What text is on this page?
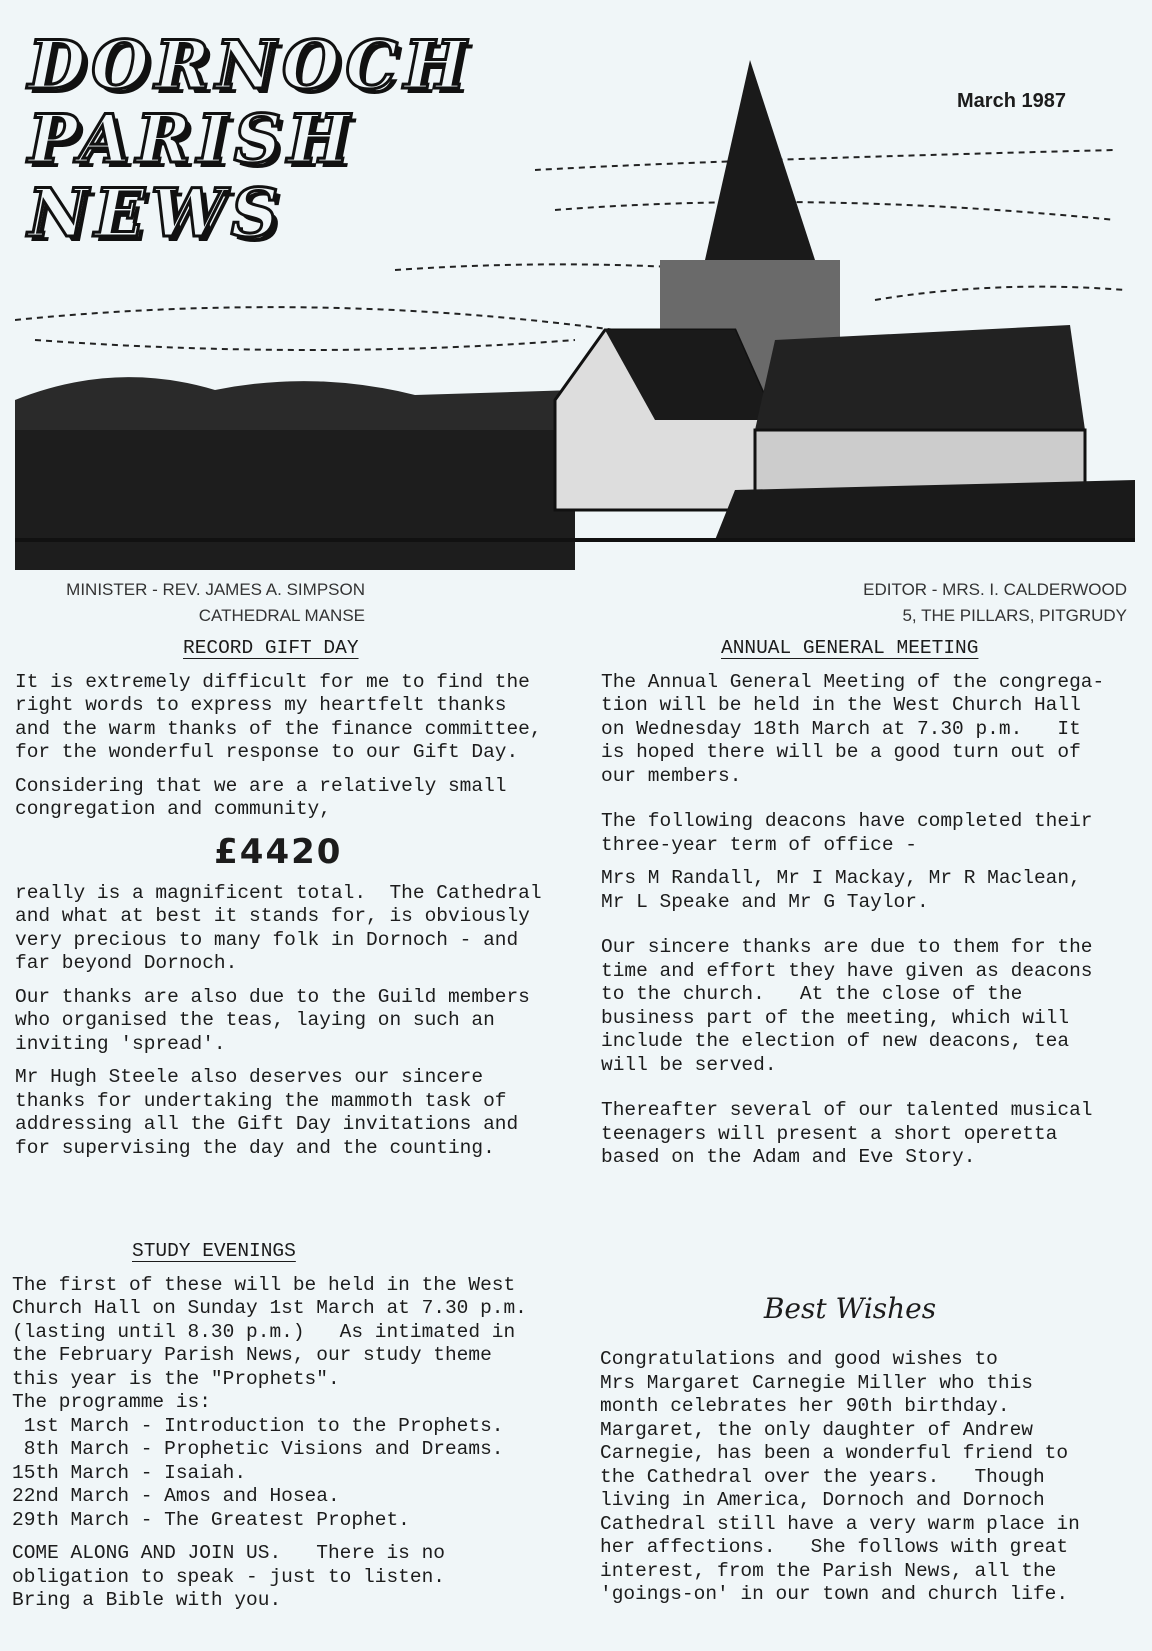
DORNOCH
PARISH
NEWS
March 1987
MINISTER - REV. JAMES A. SIMPSON
CATHEDRAL MANSE
EDITOR - MRS. I. CALDERWOOD
5, THE PILLARS, PITGRUDY
RECORD GIFT DAY
It is extremely difficult for me to find the
right words to express my heartfelt thanks
and the warm thanks of the finance committee,
for the wonderful response to our Gift Day.
Considering that we are a relatively small
congregation and community,
£4420
really is a magnificent total.  The Cathedral
and what at best it stands for, is obviously
very precious to many folk in Dornoch - and
far beyond Dornoch.
Our thanks are also due to the Guild members
who organised the teas, laying on such an
inviting 'spread'.
Mr Hugh Steele also deserves our sincere
thanks for undertaking the mammoth task of
addressing all the Gift Day invitations and
for supervising the day and the counting.
STUDY EVENINGS
The first of these will be held in the West
Church Hall on Sunday 1st March at 7.30 p.m.
(lasting until 8.30 p.m.)   As intimated in
the February Parish News, our study theme
this year is the "Prophets".
The programme is:
1st March - Introduction to the Prophets.
8th March - Prophetic Visions and Dreams.
15th March - Isaiah.
22nd March - Amos and Hosea.
29th March - The Greatest Prophet.
COME ALONG AND JOIN US.   There is no
obligation to speak - just to listen.
Bring a Bible with you.
ANNUAL GENERAL MEETING
The Annual General Meeting of the congrega-
tion will be held in the West Church Hall
on Wednesday 18th March at 7.30 p.m.   It
is hoped there will be a good turn out of
our members.
The following deacons have completed their
three-year term of office -
Mrs M Randall, Mr I Mackay, Mr R Maclean,
Mr L Speake and Mr G Taylor.
Our sincere thanks are due to them for the
time and effort they have given as deacons
to the church.   At the close of the
business part of the meeting, which will
include the election of new deacons, tea
will be served.
Thereafter several of our talented musical
teenagers will present a short operetta
based on the Adam and Eve Story.
Best Wishes
Congratulations and good wishes to
Mrs Margaret Carnegie Miller who this
month celebrates her 90th birthday.
Margaret, the only daughter of Andrew
Carnegie, has been a wonderful friend to
the Cathedral over the years.   Though
living in America, Dornoch and Dornoch
Cathedral still have a very warm place in
her affections.   She follows with great
interest, from the Parish News, all the
'goings-on' in our town and church life.
